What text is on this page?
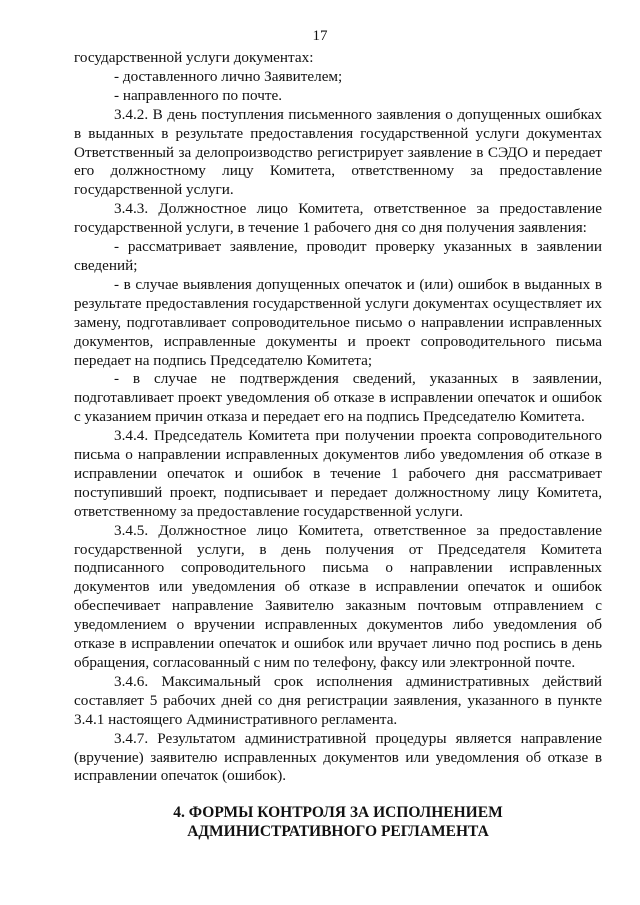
17

государственной услуги документах:

- доставленного лично Заявителем;

- направленного по почте.

3.4.2. В день поступления письменного заявления о допущенных ошибках в выданных в результате предоставления государственной услуги документах Ответственный за делопроизводство регистрирует заявление в СЭДО и передает его должностному лицу Комитета, ответственному за предоставление государственной услуги.

3.4.3. Должностное лицо Комитета, ответственное за предоставление государственной услуги, в течение 1 рабочего дня со дня получения заявления:

- рассматривает заявление, проводит проверку указанных в заявлении сведений;

- в случае выявления допущенных опечаток и (или) ошибок в выданных в результате предоставления государственной услуги документах осуществляет их замену, подготавливает сопроводительное письмо о направлении исправленных документов, исправленные документы и проект сопроводительного письма передает на подпись Председателю Комитета;

- в случае не подтверждения сведений, указанных в заявлении, подготавливает проект уведомления об отказе в исправлении опечаток и ошибок с указанием причин отказа и передает его на подпись Председателю Комитета.

3.4.4. Председатель Комитета при получении проекта сопроводительного письма о направлении исправленных документов либо уведомления об отказе в исправлении опечаток и ошибок в течение 1 рабочего дня рассматривает поступивший проект, подписывает и передает должностному лицу Комитета, ответственному за предоставление государственной услуги.

3.4.5. Должностное лицо Комитета, ответственное за предоставление государственной услуги, в день получения от Председателя Комитета подписанного сопроводительного письма о направлении исправленных документов или уведомления об отказе в исправлении опечаток и ошибок обеспечивает направление Заявителю заказным почтовым отправлением с уведомлением о вручении исправленных документов либо уведомления об отказе в исправлении опечаток и ошибок или вручает лично под роспись в день обращения, согласованный с ним по телефону, факсу или электронной почте.

3.4.6. Максимальный срок исполнения административных действий составляет 5 рабочих дней со дня регистрации заявления, указанного в пункте 3.4.1 настоящего Административного регламента.

3.4.7. Результатом административной процедуры является направление (вручение) заявителю исправленных документов или уведомления об отказе в исправлении опечаток (ошибок).

4. ФОРМЫ КОНТРОЛЯ ЗА ИСПОЛНЕНИЕМ
АДМИНИСТРАТИВНОГО РЕГЛАМЕНТА
